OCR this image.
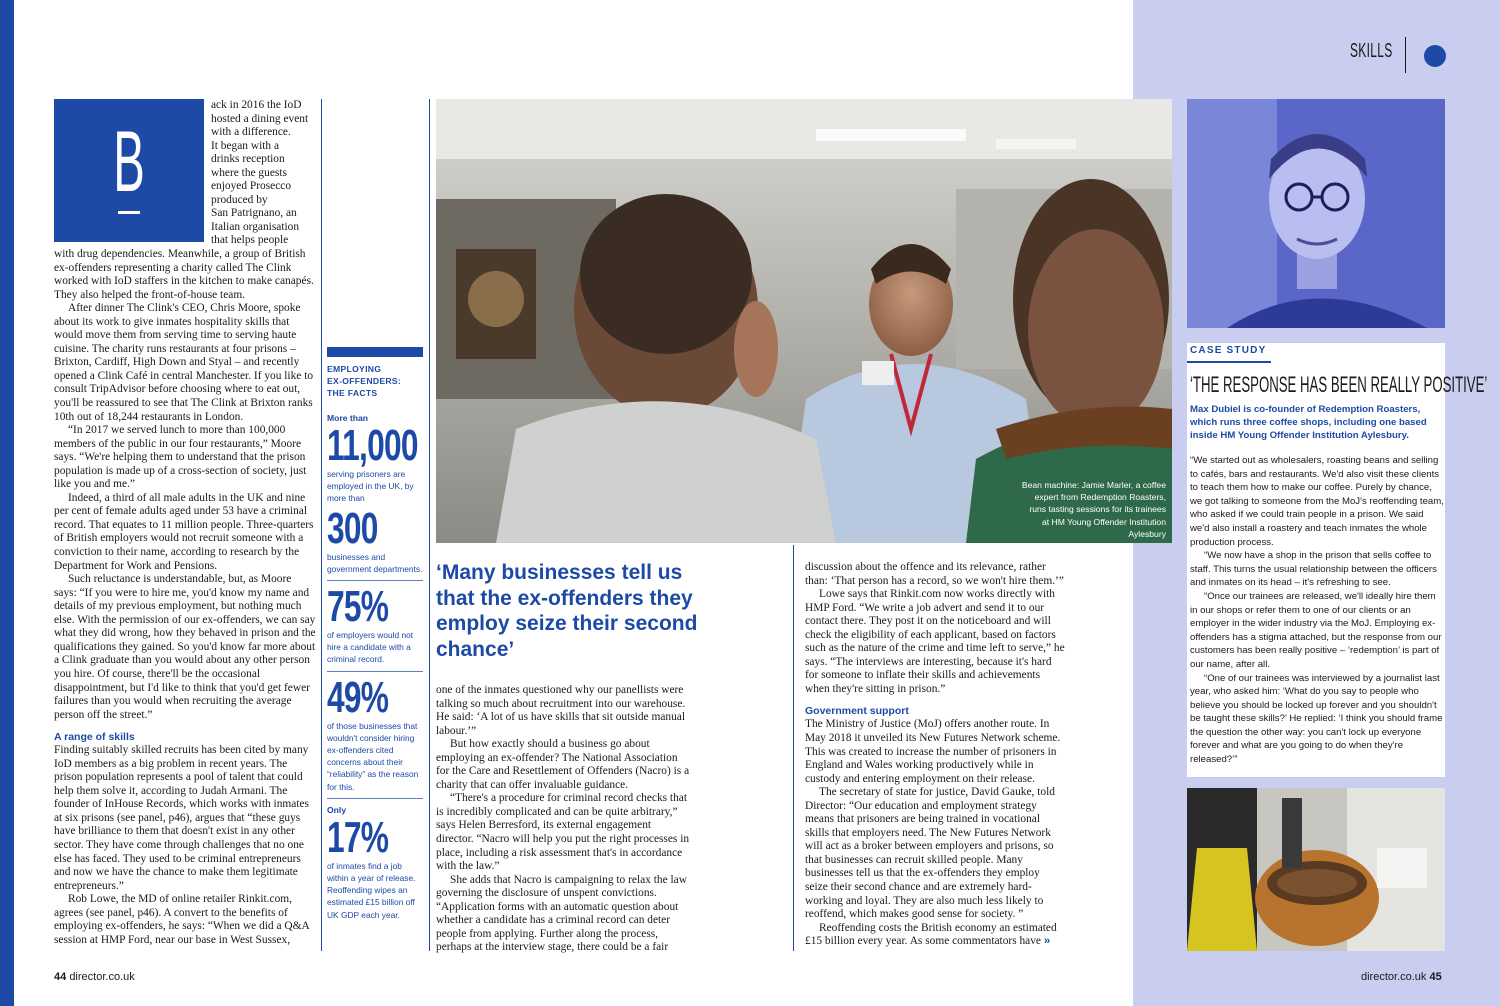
B
ack in 2016 the IoD
hosted a dining event
with a difference.
It began with a
drinks reception
where the guests
enjoyed Prosecco
produced by
San Patrignano, an
Italian organisation
that helps people

with drug dependencies. Meanwhile, a group of British ex-offenders representing a charity called The Clink worked with IoD staffers in the kitchen to make canapés. They also helped the front-of-house team.

After dinner The Clink's CEO, Chris Moore, spoke about its work to give inmates hospitality skills that would move them from serving time to serving haute cuisine. The charity runs restaurants at four prisons – Brixton, Cardiff, High Down and Styal – and recently opened a Clink Café in central Manchester. If you like to consult TripAdvisor before choosing where to eat out, you'll be reassured to see that The Clink at Brixton ranks 10th out of 18,244 restaurants in London.

“In 2017 we served lunch to more than 100,000 members of the public in our four restaurants,” Moore says. “We're helping them to understand that the prison population is made up of a cross-section of society, just like you and me.”

Indeed, a third of all male adults in the UK and nine per cent of female adults aged under 53 have a criminal record. That equates to 11 million people. Three-quarters of British employers would not recruit someone with a conviction to their name, according to research by the Department for Work and Pensions.

Such reluctance is understandable, but, as Moore says: “If you were to hire me, you'd know my name and details of my previous employment, but nothing much else. With the permission of our ex-offenders, we can say what they did wrong, how they behaved in prison and the qualifications they gained. So you'd know far more about a Clink graduate than you would about any other person you hire. Of course, there'll be the occasional disappointment, but I'd like to think that you'd get fewer failures than you would when recruiting the average person off the street.”

A range of skills

Finding suitably skilled recruits has been cited by many IoD members as a big problem in recent years. The prison population represents a pool of talent that could help them solve it, according to Judah Armani. The founder of InHouse Records, which works with inmates at six prisons (see panel, p46), argues that “these guys have brilliance to them that doesn't exist in any other sector. They have come through challenges that no one else has faced. They used to be criminal entrepreneurs and now we have the chance to make them legitimate entrepreneurs.”

Rob Lowe, the MD of online retailer Rinkit.com, agrees (see panel, p46). A convert to the benefits of employing ex-offenders, he says: “When we did a Q&A session at HMP Ford, near our base in West Sussex,

EMPLOYING
EX-OFFENDERS:
THE FACTS
More than
11,000
serving prisoners are employed in the UK, by more than
300
businesses and government departments.
75%
of employers would not hire a candidate with a criminal record.
49%
of those businesses that wouldn't consider hiring ex-offenders cited concerns about their “reliability” as the reason for this.
Only
17%
of inmates find a job within a year of release. Reoffending wipes an estimated £15 billion off UK GDP each year.
Bean machine: Jamie Marler, a coffee expert from Redemption Roasters, runs tasting sessions for its trainees at HM Young Offender Institution Aylesbury
‘Many businesses tell us that the ex-offenders they employ seize their second chance’

one of the inmates questioned why our panellists were talking so much about recruitment into our warehouse. He said: ‘A lot of us have skills that sit outside manual labour.’”

But how exactly should a business go about employing an ex-offender? The National Association for the Care and Resettlement of Offenders (Nacro) is a charity that can offer invaluable guidance.

“There's a procedure for criminal record checks that is incredibly complicated and can be quite arbitrary,” says Helen Berresford, its external engagement director. “Nacro will help you put the right processes in place, including a risk assessment that's in accordance with the law.”

She adds that Nacro is campaigning to relax the law governing the disclosure of unspent convictions. “Application forms with an automatic question about whether a candidate has a criminal record can deter people from applying. Further along the process, perhaps at the interview stage, there could be a fair

discussion about the offence and its relevance, rather than: ‘That person has a record, so we won't hire them.’”

Lowe says that Rinkit.com now works directly with HMP Ford. “We write a job advert and send it to our contact there. They post it on the noticeboard and will check the eligibility of each applicant, based on factors such as the nature of the crime and time left to serve,” he says. “The interviews are interesting, because it's hard for someone to inflate their skills and achievements when they're sitting in prison.”

Government support

The Ministry of Justice (MoJ) offers another route. In May 2018 it unveiled its New Futures Network scheme. This was created to increase the number of prisoners in England and Wales working productively while in custody and entering employment on their release.

The secretary of state for justice, David Gauke, told Director: “Our education and employment strategy means that prisoners are being trained in vocational skills that employers need. The New Futures Network will act as a broker between employers and prisons, so that businesses can recruit skilled people. Many businesses tell us that the ex-offenders they employ seize their second chance and are extremely hard-working and loyal. They are also much less likely to reoffend, which makes good sense for society. ”

Reoffending costs the British economy an estimated £15 billion every year. As some commentators have »

44 director.co.uk	director.co.uk 45
SKILLS
CASE STUDY
‘THE RESPONSE HAS BEEN REALLY POSITIVE’
Max Dubiel is co-founder of Redemption Roasters, which runs three coffee shops, including one based inside HM Young Offender Institution Aylesbury.

“We started out as wholesalers, roasting beans and selling to cafés, bars and restaurants. We'd also visit these clients to teach them how to make our coffee. Purely by chance, we got talking to someone from the MoJ's reoffending team, who asked if we could train people in a prison. We said we'd also install a roastery and teach inmates the whole production process.

“We now have a shop in the prison that sells coffee to staff. This turns the usual relationship between the officers and inmates on its head – it's refreshing to see.

“Once our trainees are released, we'll ideally hire them in our shops or refer them to one of our clients or an employer in the wider industry via the MoJ. Employing ex-offenders has a stigma attached, but the response from our customers has been really positive – ‘redemption’ is part of our name, after all.

“One of our trainees was interviewed by a journalist last year, who asked him: ‘What do you say to people who believe you should be locked up forever and you shouldn't be taught these skills?’ He replied: ‘I think you should frame the question the other way: you can't lock up everyone forever and what are you going to do when they're released?’”
